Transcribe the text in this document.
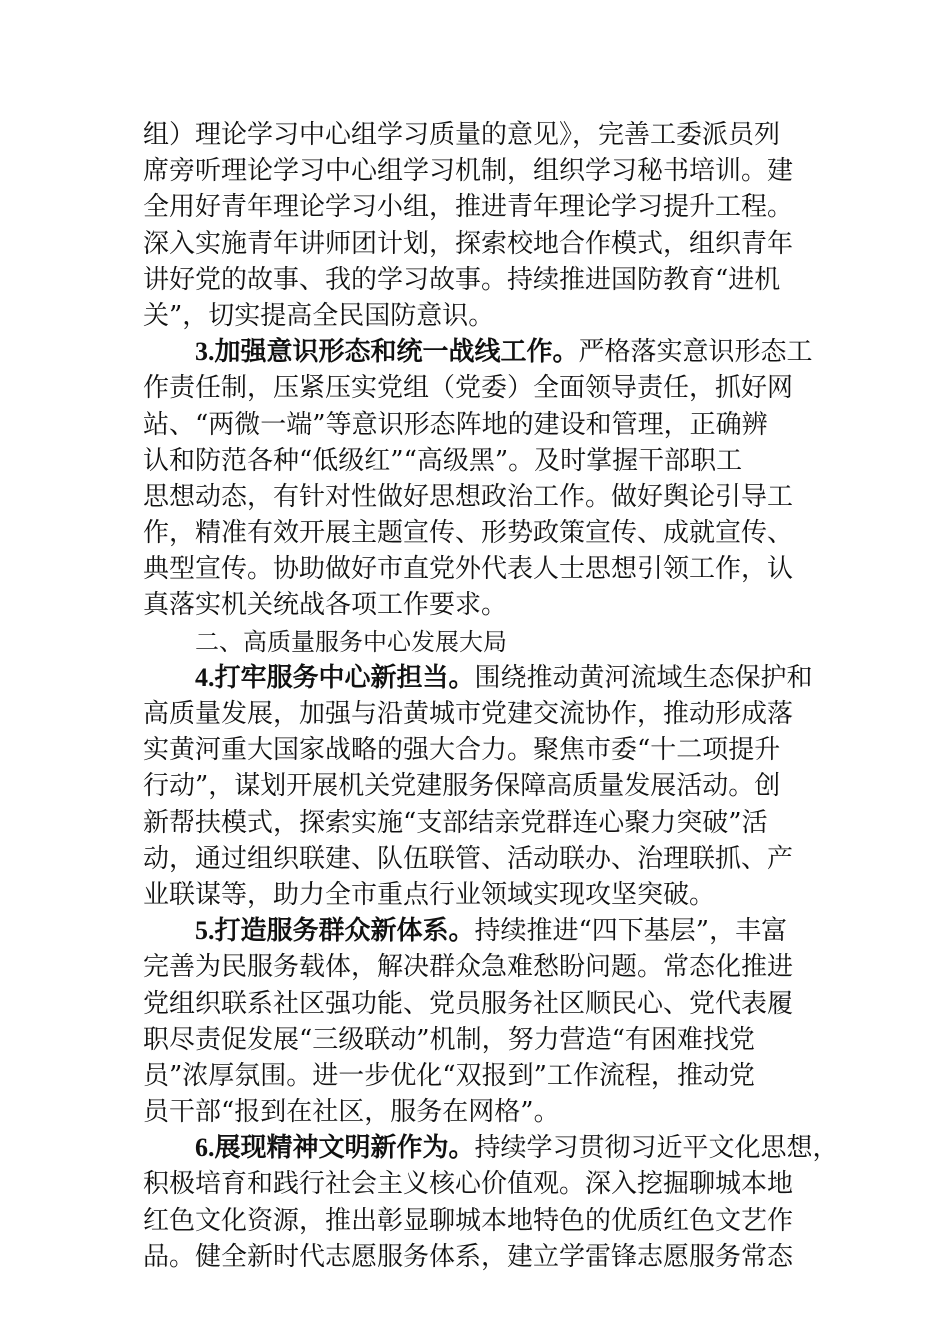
组）理论学习中心组学习质量的意见》，完善工委派员列
席旁听理论学习中心组学习机制，组织学习秘书培训。建
全用好青年理论学习小组，推进青年理论学习提升工程。
深入实施青年讲师团计划，探索校地合作模式，组织青年
讲好党的故事、我的学习故事。持续推进国防教育“进机
关”，切实提高全民国防意识。
3.加强意识形态和统一战线工作。严格落实意识形态工
作责任制，压紧压实党组（党委）全面领导责任，抓好网
站、“两微一端”等意识形态阵地的建设和管理，正确辨
认和防范各种“低级红”“高级黑”。及时掌握干部职工
思想动态，有针对性做好思想政治工作。做好舆论引导工
作，精准有效开展主题宣传、形势政策宣传、成就宣传、
典型宣传。协助做好市直党外代表人士思想引领工作，认
真落实机关统战各项工作要求。
二、高质量服务中心发展大局
4.打牢服务中心新担当。围绕推动黄河流域生态保护和
高质量发展，加强与沿黄城市党建交流协作，推动形成落
实黄河重大国家战略的强大合力。聚焦市委“十二项提升
行动”，谋划开展机关党建服务保障高质量发展活动。创
新帮扶模式，探索实施“支部结亲党群连心聚力突破”活
动，通过组织联建、队伍联管、活动联办、治理联抓、产
业联谋等，助力全市重点行业领域实现攻坚突破。
5.打造服务群众新体系。持续推进“四下基层”，丰富
完善为民服务载体，解决群众急难愁盼问题。常态化推进
党组织联系社区强功能、党员服务社区顺民心、党代表履
职尽责促发展“三级联动”机制，努力营造“有困难找党
员”浓厚氛围。进一步优化“双报到”工作流程，推动党
员干部“报到在社区，服务在网格”。
6.展现精神文明新作为。持续学习贯彻习近平文化思想，
积极培育和践行社会主义核心价值观。深入挖掘聊城本地
红色文化资源，推出彰显聊城本地特色的优质红色文艺作
品。健全新时代志愿服务体系，建立学雷锋志愿服务常态
